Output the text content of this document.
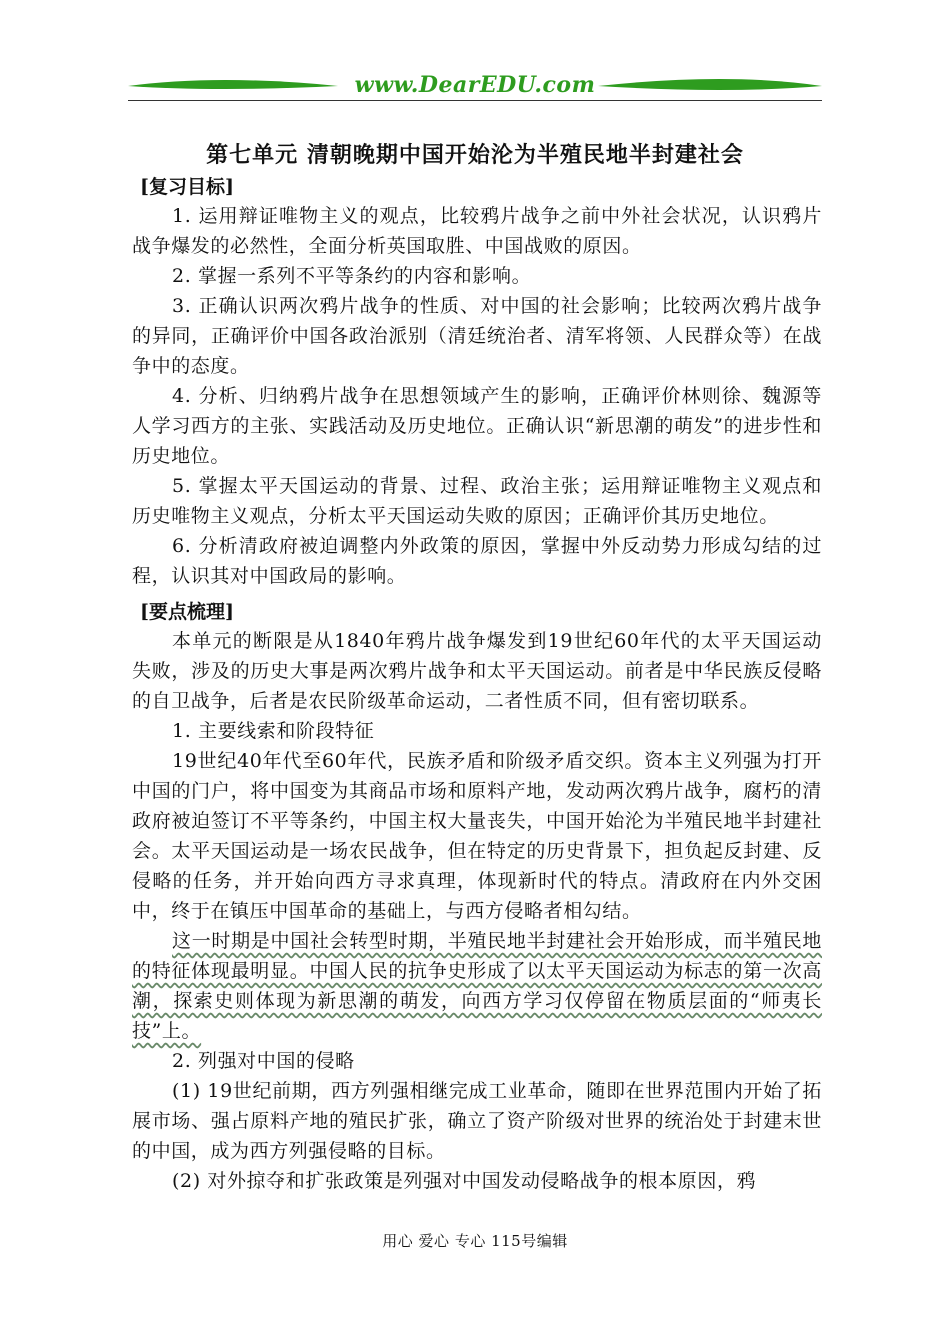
www.DearEDU.com
第七单元 清朝晚期中国开始沦为半殖民地半封建社会
[复习目标]

1. 运用辩证唯物主义的观点，比较鸦片战争之前中外社会状况，认识鸦片战争爆发的必然性，全面分析英国取胜、中国战败的原因。

2. 掌握一系列不平等条约的内容和影响。

3. 正确认识两次鸦片战争的性质、对中国的社会影响；比较两次鸦片战争的异同，正确评价中国各政治派别（清廷统治者、清军将领、人民群众等）在战争中的态度。

4. 分析、归纳鸦片战争在思想领域产生的影响，正确评价林则徐、魏源等人学习西方的主张、实践活动及历史地位。正确认识“新思潮的萌发”的进步性和历史地位。

5. 掌握太平天国运动的背景、过程、政治主张；运用辩证唯物主义观点和历史唯物主义观点，分析太平天国运动失败的原因；正确评价其历史地位。

6. 分析清政府被迫调整内外政策的原因，掌握中外反动势力形成勾结的过程，认识其对中国政局的影响。

[要点梳理]

本单元的断限是从1840年鸦片战争爆发到19世纪60年代的太平天国运动失败，涉及的历史大事是两次鸦片战争和太平天国运动。前者是中华民族反侵略的自卫战争，后者是农民阶级革命运动，二者性质不同，但有密切联系。

1. 主要线索和阶段特征

19世纪40年代至60年代，民族矛盾和阶级矛盾交织。资本主义列强为打开中国的门户，将中国变为其商品市场和原料产地，发动两次鸦片战争，腐朽的清政府被迫签订不平等条约，中国主权大量丧失，中国开始沦为半殖民地半封建社会。太平天国运动是一场农民战争，但在特定的历史背景下，担负起反封建、反侵略的任务，并开始向西方寻求真理，体现新时代的特点。清政府在内外交困中，终于在镇压中国革命的基础上，与西方侵略者相勾结。

这一时期是中国社会转型时期，半殖民地半封建社会开始形成，而半殖民地的特征体现最明显。中国人民的抗争史形成了以太平天国运动为标志的第一次高潮，探索史则体现为新思潮的萌发，向西方学习仅停留在物质层面的“师夷长技”上。

2. 列强对中国的侵略

(1) 19世纪前期，西方列强相继完成工业革命，随即在世界范围内开始了拓展市场、强占原料产地的殖民扩张，确立了资产阶级对世界的统治处于封建末世的中国，成为西方列强侵略的目标。

(2) 对外掠夺和扩张政策是列强对中国发动侵略战争的根本原因，鸦

用心 爱心 专心 115号编辑
